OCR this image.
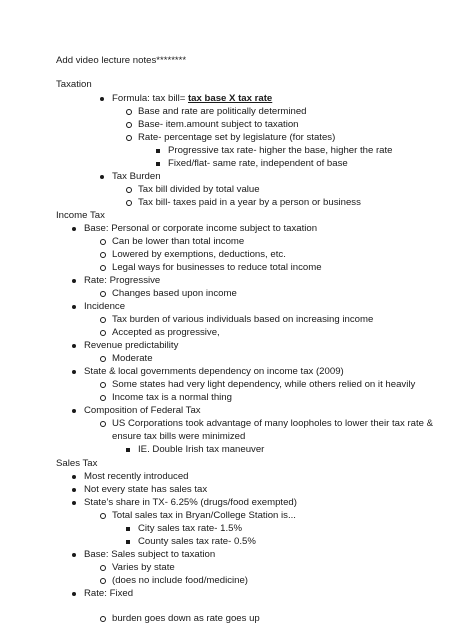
Add video lecture notes********
Taxation
Formula: tax bill= tax base X tax rate
Base and rate are politically determined
Base- item.amount subject to taxation
Rate- percentage set by legislature (for states)
Progressive tax rate- higher the base, higher the rate
Fixed/flat- same rate, independent of base
Tax Burden
Tax bill divided by total value
Tax bill- taxes paid in a year by a person or business
Income Tax
Base: Personal or corporate income subject to taxation
Can be lower than total income
Lowered by exemptions, deductions, etc.
Legal ways for businesses to reduce total income
Rate: Progressive
Changes based upon income
Incidence
Tax burden of various individuals based on increasing income
Accepted as progressive,
Revenue predictability
Moderate
State & local governments dependency on income tax (2009)
Some states had very light dependency, while others relied on it heavily
Income tax is a normal thing
Composition of Federal Tax
US Corporations took advantage of many loopholes to lower their tax rate &
ensure tax bills were minimized
IE. Double Irish tax maneuver
Sales Tax
Most recently introduced
Not every state has sales tax
State’s share in TX- 6.25% (drugs/food exempted)
Total sales tax in Bryan/College Station is...
City sales tax rate- 1.5%
County sales tax rate- 0.5%
Base: Sales subject to taxation
Varies by state
(does no include food/medicine)
Rate: Fixed
burden goes down as rate goes up
